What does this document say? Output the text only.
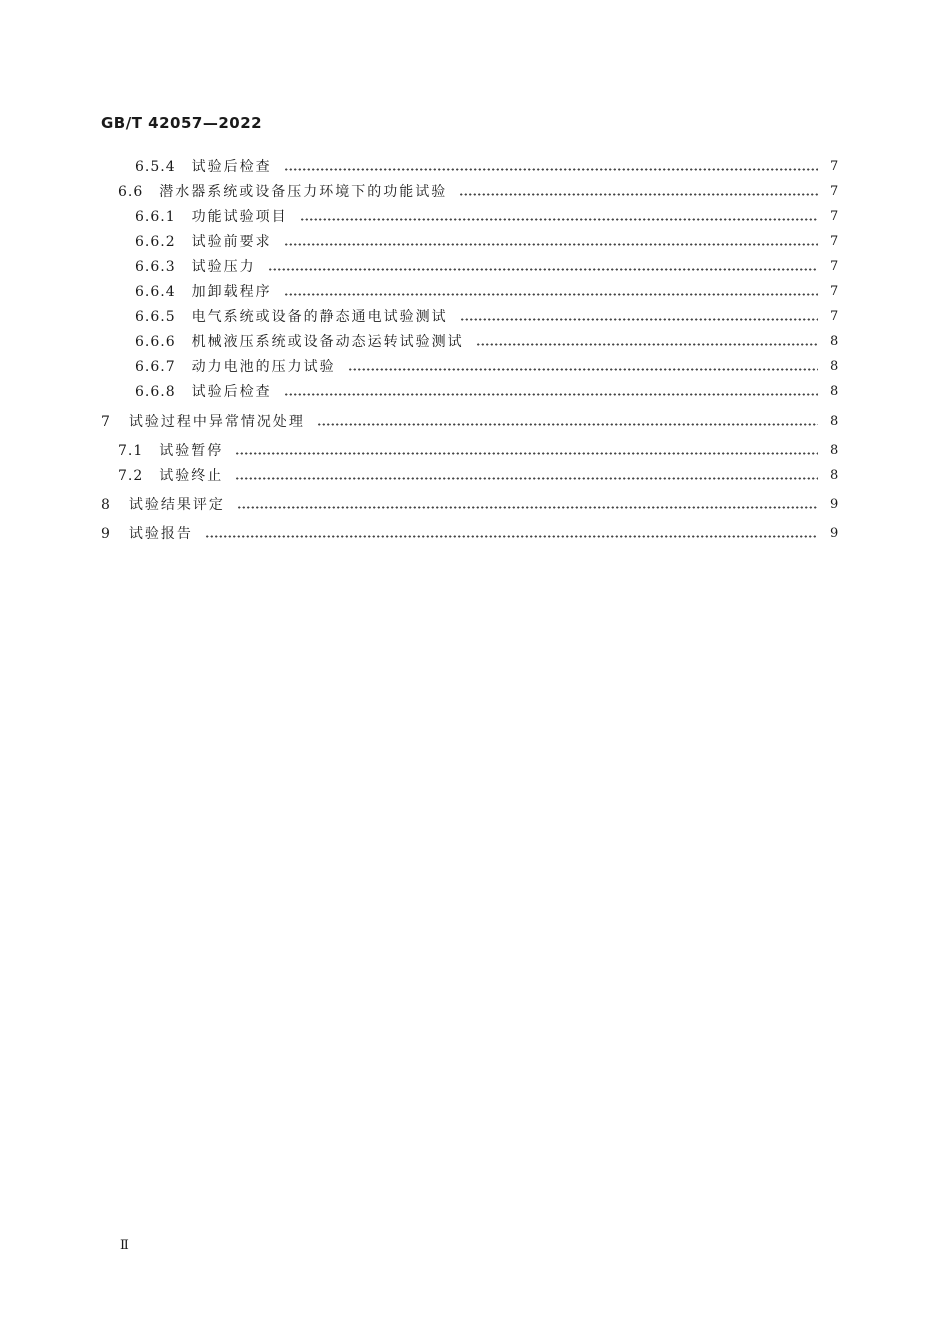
GB/T 42057—2022
6.5.4	试验后检查	7
6.6	潜水器系统或设备压力环境下的功能试验	7
6.6.1	功能试验项目	7
6.6.2	试验前要求	7
6.6.3	试验压力	7
6.6.4	加卸载程序	7
6.6.5	电气系统或设备的静态通电试验测试	7
6.6.6	机械液压系统或设备动态运转试验测试	8
6.6.7	动力电池的压力试验	8
6.6.8	试验后检查	8
7	试验过程中异常情况处理	8
7.1	试验暂停	8
7.2	试验终止	8
8	试验结果评定	9
9	试验报告	9
Ⅱ
